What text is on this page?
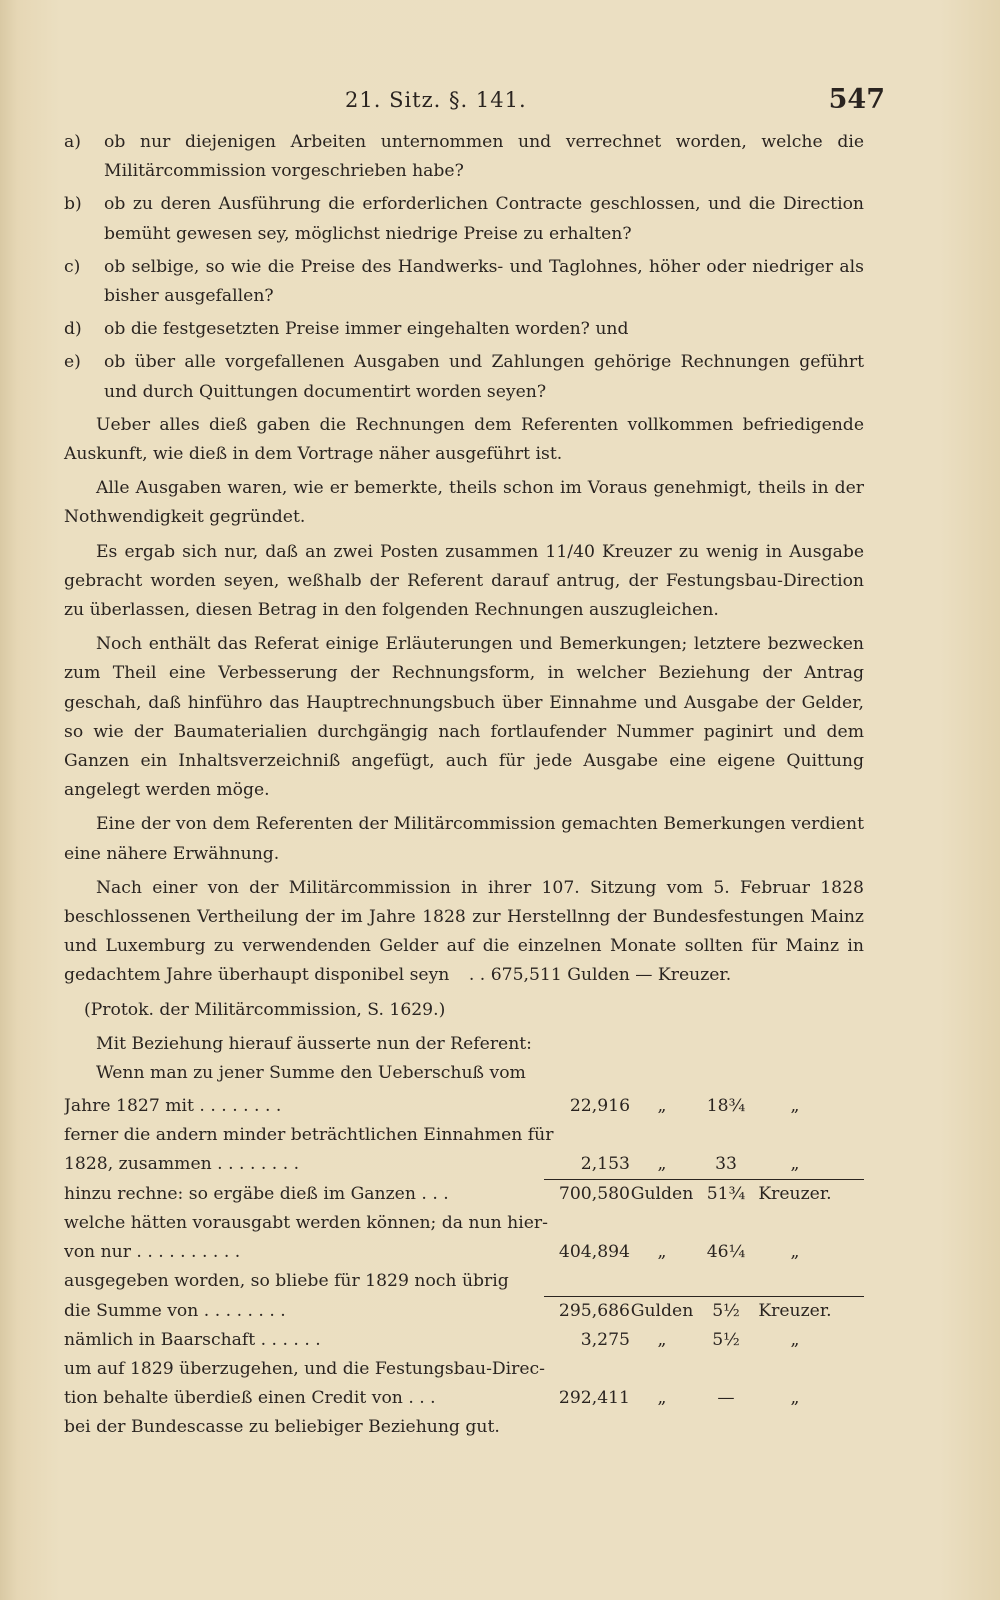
21. Sitz. §. 141.	547
a)	ob nur diejenigen Arbeiten unternommen und verrechnet worden, welche die Militärcommission vorgeschrieben habe?
b)	ob zu deren Ausführung die erforderlichen Contracte geschlossen, und die Direction bemüht gewesen sey, möglichst niedrige Preise zu erhalten?
c)	ob selbige, so wie die Preise des Handwerks- und Taglohnes, höher oder niedriger als bisher ausgefallen?
d)	ob die festgesetzten Preise immer eingehalten worden? und
e)	ob über alle vorgefallenen Ausgaben und Zahlungen gehörige Rechnungen geführt und durch Quittungen documentirt worden seyen?

Ueber alles dieß gaben die Rechnungen dem Referenten vollkommen befriedigende Auskunft, wie dieß in dem Vortrage näher ausgeführt ist.

Alle Ausgaben waren, wie er bemerkte, theils schon im Voraus genehmigt, theils in der Nothwendigkeit gegründet.

Es ergab sich nur, daß an zwei Posten zusammen 11/40 Kreuzer zu wenig in Ausgabe gebracht worden seyen, weßhalb der Referent darauf antrug, der Festungsbau-Direction zu überlassen, diesen Betrag in den folgenden Rechnungen auszugleichen.

Noch enthält das Referat einige Erläuterungen und Bemerkungen; letztere bezwecken zum Theil eine Verbesserung der Rechnungsform, in welcher Beziehung der Antrag geschah, daß hinführo das Hauptrechnungsbuch über Einnahme und Ausgabe der Gelder, so wie der Baumaterialien durchgängig nach fortlaufender Nummer paginirt und dem Ganzen ein Inhaltsverzeichniß angefügt, auch für jede Ausgabe eine eigene Quittung angelegt werden möge.

Eine der von dem Referenten der Militärcommission gemachten Bemerkungen verdient eine nähere Erwähnung.

Nach einer von der Militärcommission in ihrer 107. Sitzung vom 5. Februar 1828 beschlossenen Vertheilung der im Jahre 1828 zur Herstellnng der Bundesfestungen Mainz und Luxemburg zu verwendenden Gelder auf die einzelnen Monate sollten für Mainz in gedachtem Jahre überhaupt disponibel seyn . . 675,511 Gulden — Kreuzer.

(Protok. der Militärcommission, S. 1629.)

Mit Beziehung hierauf äusserte nun der Referent:

Wenn man zu jener Summe den Ueberschuß vom

Jahre 1827 mit . . . . . . . .	22,916	„	18¾	„
ferner die andern minder beträchtlichen Einnahmen für
1828, zusammen . . . . . . . .	2,153	„	33	„
hinzu rechne: so ergäbe dieß im Ganzen . . .	700,580 Gulden 51¾ Kreuzer.
welche hätten vorausgabt werden können; da nun hier-
von nur . . . . . . . . . .	404,894	„	46¼	„
ausgegeben worden, so bliebe für 1829 noch übrig
die Summe von . . . . . . . .	295,686 Gulden	5½	Kreuzer.
nämlich in Baarschaft . . . . . .	3,275	„	5½	„
um auf 1829 überzugehen, und die Festungsbau-Direc-
tion behalte überdieß einen Credit von . . .	292,411	„	—	„
bei der Bundescasse zu beliebiger Beziehung gut.
